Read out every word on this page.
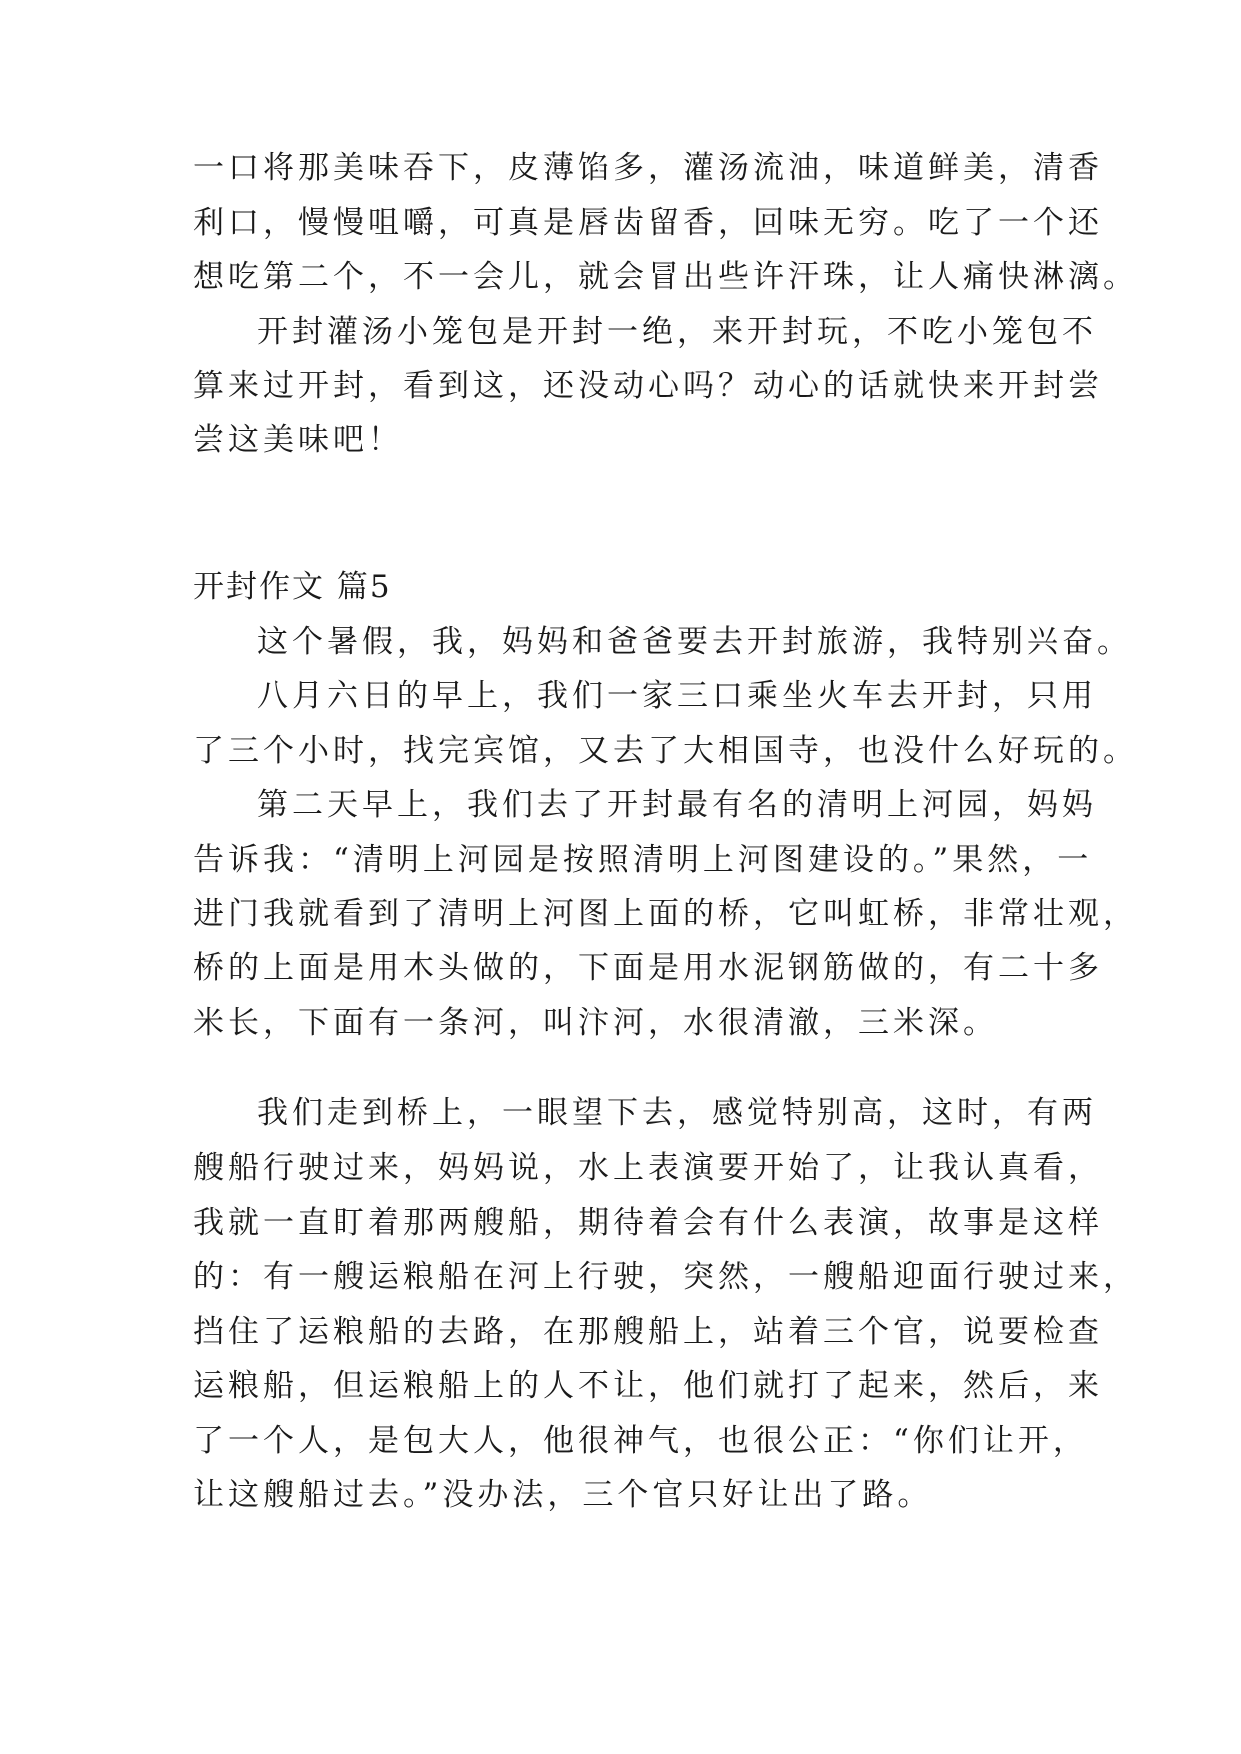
一口将那美味吞下，皮薄馅多，灌汤流油，味道鲜美，清香
利口，慢慢咀嚼，可真是唇齿留香，回味无穷。吃了一个还
想吃第二个，不一会儿，就会冒出些许汗珠，让人痛快淋漓。
开封灌汤小笼包是开封一绝，来开封玩，不吃小笼包不
算来过开封，看到这，还没动心吗？动心的话就快来开封尝
尝这美味吧！
开封作文 篇5
这个暑假，我，妈妈和爸爸要去开封旅游，我特别兴奋。
八月六日的早上，我们一家三口乘坐火车去开封，只用
了三个小时，找完宾馆，又去了大相国寺，也没什么好玩的。
第二天早上，我们去了开封最有名的清明上河园，妈妈
告诉我：“清明上河园是按照清明上河图建设的。”果然，一
进门我就看到了清明上河图上面的桥，它叫虹桥，非常壮观，
桥的上面是用木头做的，下面是用水泥钢筋做的，有二十多
米长，下面有一条河，叫汴河，水很清澈，三米深。
我们走到桥上，一眼望下去，感觉特别高，这时，有两
艘船行驶过来，妈妈说，水上表演要开始了，让我认真看，
我就一直盯着那两艘船，期待着会有什么表演，故事是这样
的：有一艘运粮船在河上行驶，突然，一艘船迎面行驶过来，
挡住了运粮船的去路，在那艘船上，站着三个官，说要检查
运粮船，但运粮船上的人不让，他们就打了起来，然后，来
了一个人，是包大人，他很神气，也很公正：“你们让开，
让这艘船过去。”没办法，三个官只好让出了路。
